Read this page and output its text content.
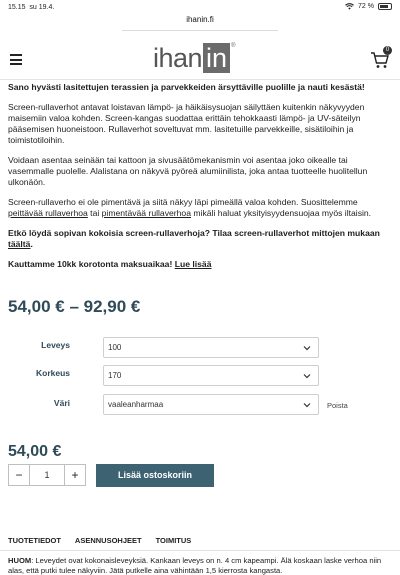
15.15 su 19.4.	72 %
ihanin.fi
ihan in ®
0

Sano hyvästi lasitettujen terassien ja parvekkeiden ärsyttäville puolille ja nauti kesästä!

Screen-rullaverhot antavat loistavan lämpö- ja häikäisysuojan säilyttäen kuitenkin näkyvyyden maisemiin valoa kohden. Screen-kangas suodattaa erittäin tehokkaasti lämpö- ja UV-säteilyn pääsemisen huoneistoon. Rullaverhot soveltuvat mm. lasitetuille parvekkeille, sisätiloihin ja toimistotiloihin.

Voidaan asentaa seinään tai kattoon ja sivusäätömekanismin voi asentaa joko oikealle tai vasemmalle puolelle. Alalistana on näkyvä pyöreä alumiinilista, joka antaa tuotteelle huolitellun ulkonäön.

Screen-rullaverho ei ole pimentävä ja siitä näkyy läpi pimeällä valoa kohden. Suosittelemme peittävää rullaverhoa tai pimentävää rullaverhoa mikäli haluat yksityisyydensuojaa myös iltaisin.

Etkö löydä sopivan kokoisia screen-rullaverhoja? Tilaa screen-rullaverhot mittojen mukaan täältä.

Kauttamme 10kk korotonta maksuaikaa! Lue lisää

54,00 € – 92,90 €
Leveys	100
Korkeus	170
Väri	vaaleanharmaa	Poista
54,00 €
−	1	+	Lisää ostoskoriin
TUOTETIEDOT ASENNUSOHJEET TOIMITUS
HUOM: Leveydet ovat kokonaisleveyksiä. Kankaan leveys on n. 4 cm kapeampi. Älä koskaan laske verhoa niin alas, että putki tulee näkyviin. Jätä putkelle aina vähintään 1,5 kierrosta kangasta.
